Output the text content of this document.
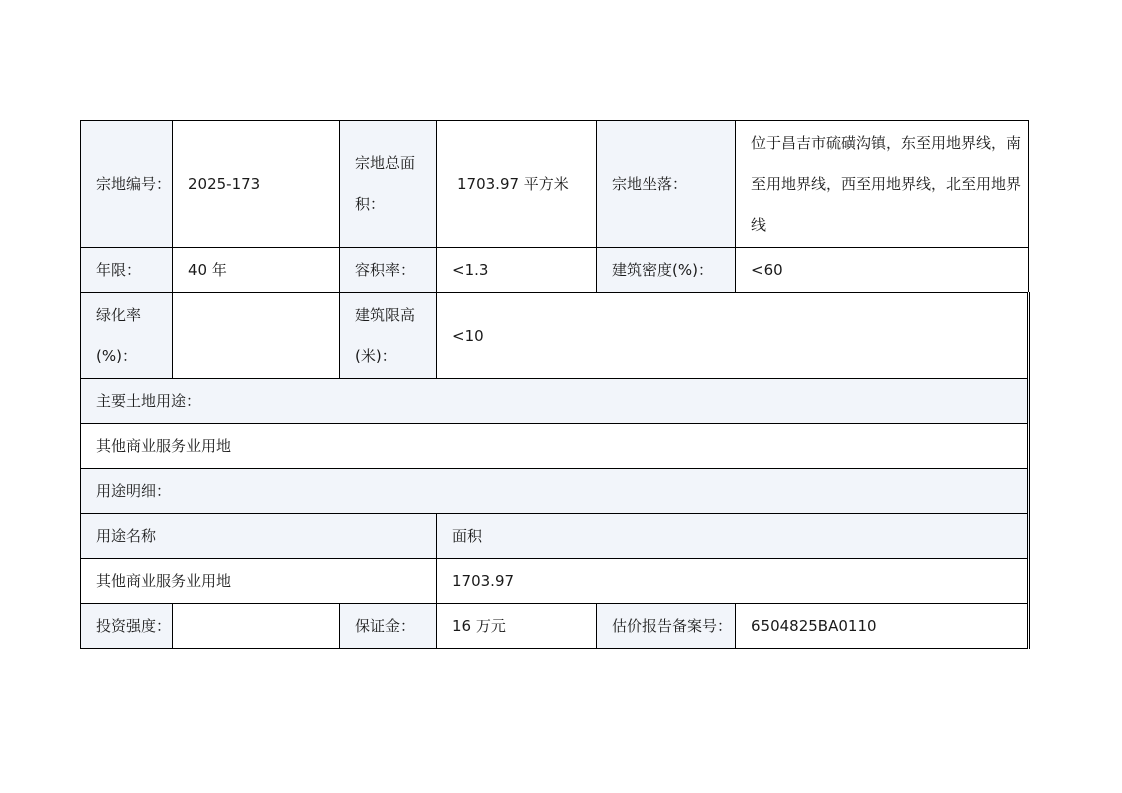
宗地编号：	2025-173	宗地总面积：	1703.97 平方米	宗地坐落：	位于昌吉市硫磺沟镇，东至用地界线，南至用地界线，西至用地界线，北至用地界线
年限：	40 年	容积率：	<1.3	建筑密度(%)：	<60
绿化率(%)：		建筑限高(米)：	<10		
主要土地用途：					
其他商业服务业用地					
用途明细：					
用途名称			面积		
其他商业服务业用地			1703.97		
投资强度：		保证金：	16 万元	估价报告备案号：	6504825BA0110
